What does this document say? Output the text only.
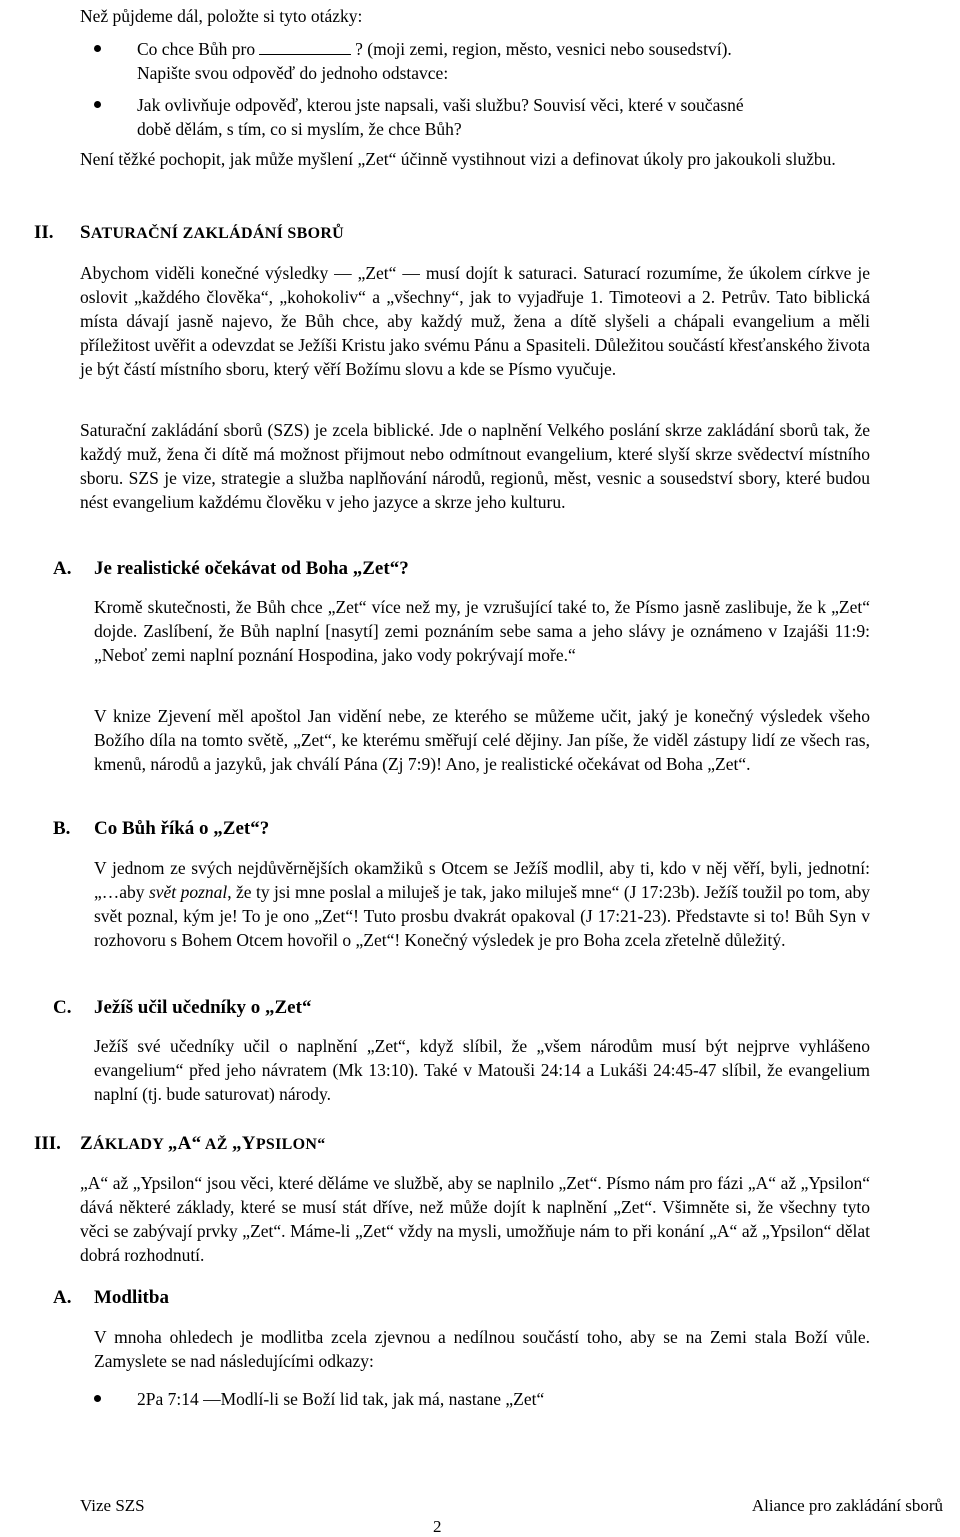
Než půjdeme dál, položte si tyto otázky:

Co chce Bůh pro	? (moji zemi, region, město, vesnici nebo sousedství).

Napište svou odpověď do jednoho odstavce:

Jak ovlivňuje odpověď, kterou jste napsali, vaši službu? Souvisí věci, které v současné

době dělám, s tím, co si myslím, že chce Bůh?

Není těžké pochopit, jak může myšlení „Zet“ účinně vystihnout vizi a definovat úkoly pro jakoukoli službu.

II. SATURAČNÍ ZAKLÁDÁNÍ SBORŮ

Abychom viděli konečné výsledky — „Zet“ — musí dojít k saturaci. Saturací rozumíme, že úkolem církve je oslovit „každého člověka“, „kohokoliv“ a „všechny“, jak to vyjadřuje 1. Timoteovi a 2. Petrův. Tato biblická místa dávají jasně najevo, že Bůh chce, aby každý muž, žena a dítě slyšeli a chápali evangelium a měli příležitost uvěřit a odevzdat se Ježíši Kristu jako svému Pánu a Spasiteli. Důležitou součástí křesťanského života je být částí místního sboru, který věří Božímu slovu a kde se Písmo vyučuje.

Saturační zakládání sborů (SZS) je zcela biblické. Jde o naplnění Velkého poslání skrze zakládání sborů tak, že každý muž, žena či dítě má možnost přijmout nebo odmítnout evangelium, které slyší skrze svědectví místního sboru. SZS je vize, strategie a služba naplňování národů, regionů, měst, vesnic a sousedství sbory, které budou nést evangelium každému člověku v jeho jazyce a skrze jeho kulturu.

A. Je realistické očekávat od Boha „Zet“?

Kromě skutečnosti, že Bůh chce „Zet“ více než my, je vzrušující také to, že Písmo jasně zaslibuje, že k „Zet“ dojde. Zaslíbení, že Bůh naplní [nasytí] zemi poznáním sebe sama a jeho slávy je oznámeno v Izajáši 11:9: „Neboť zemi naplní poznání Hospodina, jako vody pokrývají moře.“

V knize Zjevení měl apoštol Jan vidění nebe, ze kterého se můžeme učit, jaký je konečný výsledek všeho Božího díla na tomto světě, „Zet“, ke kterému směřují celé dějiny. Jan píše, že viděl zástupy lidí ze všech ras, kmenů, národů a jazyků, jak chválí Pána (Zj 7:9)! Ano, je realistické očekávat od Boha „Zet“.

B. Co Bůh říká o „Zet“?

V jednom ze svých nejdůvěrnějších okamžiků s Otcem se Ježíš modlil, aby ti, kdo v něj věří, byli, jednotní: „…aby svět poznal, že ty jsi mne poslal a miluješ je tak, jako miluješ mne“ (J 17:23b). Ježíš toužil po tom, aby svět poznal, kým je! To je ono „Zet“! Tuto prosbu dvakrát opakoval (J 17:21-23). Představte si to! Bůh Syn v rozhovoru s Bohem Otcem hovořil o „Zet“! Konečný výsledek je pro Boha zcela zřetelně důležitý.

C. Ježíš učil učedníky o „Zet“

Ježíš své učedníky učil o naplnění „Zet“, když slíbil, že „všem národům musí být nejprve vyhlášeno evangelium“ před jeho návratem (Mk 13:10). Také v Matouši 24:14 a Lukáši 24:45-47 slíbil, že evangelium naplní (tj. bude saturovat) národy.

III. ZÁKLADY „A“ AŽ „YPSILON“

„A“ až „Ypsilon“ jsou věci, které děláme ve službě, aby se naplnilo „Zet“. Písmo nám pro fázi „A“ až „Ypsilon“ dává některé základy, které se musí stát dříve, než může dojít k naplnění „Zet“. Všimněte si, že všechny tyto věci se zabývají prvky „Zet“. Máme-li „Zet“ vždy na mysli, umožňuje nám to při konání „A“ až „Ypsilon“ dělat dobrá rozhodnutí.

A. Modlitba

V mnoha ohledech je modlitba zcela zjevnou a nedílnou součástí toho, aby se na Zemi stala Boží vůle. Zamyslete se nad následujícími odkazy:

2Pa 7:14 —Modlí-li se Boží lid tak, jak má, nastane „Zet“

Vize SZS
2
Aliance pro zakládání sborů
